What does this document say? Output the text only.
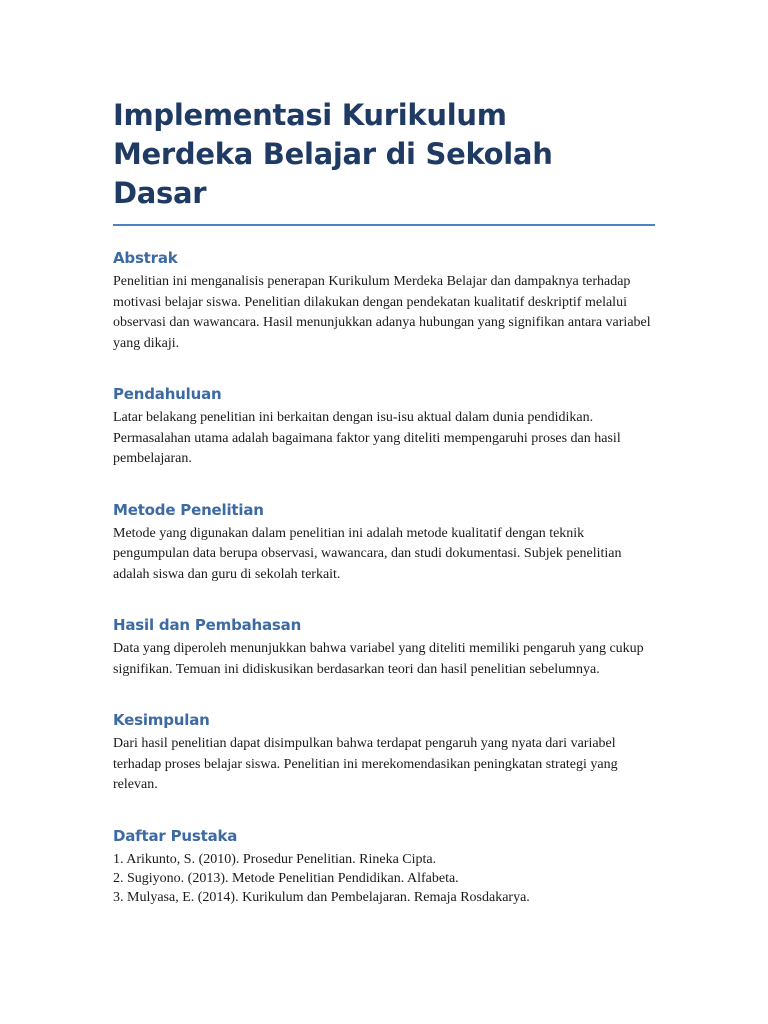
Implementasi Kurikulum Merdeka Belajar di Sekolah Dasar
Abstrak

Penelitian ini menganalisis penerapan Kurikulum Merdeka Belajar dan dampaknya terhadap motivasi belajar siswa. Penelitian dilakukan dengan pendekatan kualitatif deskriptif melalui observasi dan wawancara. Hasil menunjukkan adanya hubungan yang signifikan antara variabel yang dikaji.

Pendahuluan

Latar belakang penelitian ini berkaitan dengan isu-isu aktual dalam dunia pendidikan. Permasalahan utama adalah bagaimana faktor yang diteliti mempengaruhi proses dan hasil pembelajaran.

Metode Penelitian

Metode yang digunakan dalam penelitian ini adalah metode kualitatif dengan teknik pengumpulan data berupa observasi, wawancara, dan studi dokumentasi. Subjek penelitian adalah siswa dan guru di sekolah terkait.

Hasil dan Pembahasan

Data yang diperoleh menunjukkan bahwa variabel yang diteliti memiliki pengaruh yang cukup signifikan. Temuan ini didiskusikan berdasarkan teori dan hasil penelitian sebelumnya.

Kesimpulan

Dari hasil penelitian dapat disimpulkan bahwa terdapat pengaruh yang nyata dari variabel terhadap proses belajar siswa. Penelitian ini merekomendasikan peningkatan strategi yang relevan.

Daftar Pustaka
1. Arikunto, S. (2010). Prosedur Penelitian. Rineka Cipta.
2. Sugiyono. (2013). Metode Penelitian Pendidikan. Alfabeta.
3. Mulyasa, E. (2014). Kurikulum dan Pembelajaran. Remaja Rosdakarya.
